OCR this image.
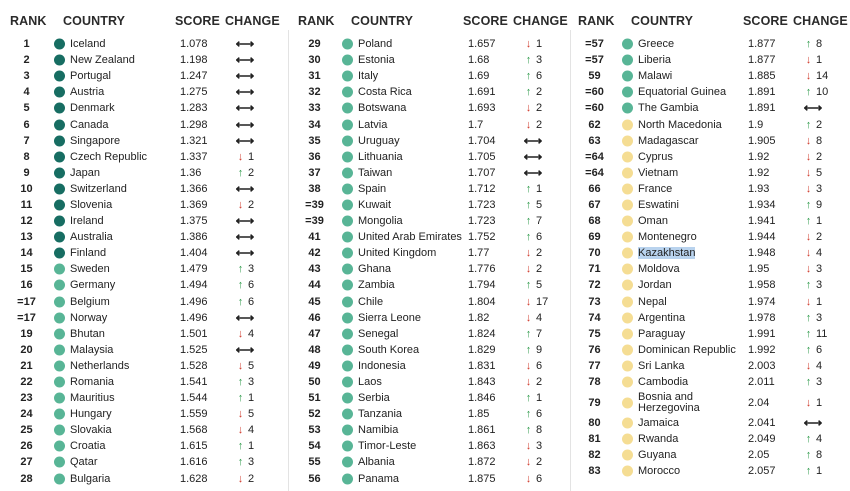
RANK COUNTRY	SCORE CHANGE
1	Iceland	1.078 ⟷
2	New Zealand	1.198 ⟷
3	Portugal	1.247 ⟷
4	Austria	1.275 ⟷
5	Denmark	1.283 ⟷
6	Canada	1.298 ⟷
7	Singapore	1.321 ⟷
8	Czech Republic	1.337	↓ 1
9	Japan	1.36	↑ 2
10	Switzerland	1.366 ⟷
11	Slovenia	1.369	↓ 2
12	Ireland	1.375 ⟷
13	Australia	1.386 ⟷
14	Finland	1.404 ⟷
15	Sweden	1.479	↑ 3
16	Germany	1.494	↑ 6
=17	Belgium	1.496	↑ 6
=17	Norway	1.496 ⟷
19	Bhutan	1.501	↓ 4
20	Malaysia	1.525 ⟷
21	Netherlands	1.528	↓ 5
22	Romania	1.541	↑ 3
23	Mauritius	1.544	↑ 1
24	Hungary	1.559	↓ 5
25	Slovakia	1.568	↓ 4
26	Croatia	1.615	↑ 1
27	Qatar	1.616	↑ 3
28	Bulgaria	1.628	↓ 2
RANK COUNTRY	SCORE CHANGE
29	Poland	1.657	↓ 1
30	Estonia	1.68	↑ 3
31	Italy	1.69	↑ 6
32	Costa Rica	1.691	↑ 2
33	Botswana	1.693	↓ 2
34	Latvia	1.7	↓ 2
35	Uruguay	1.704 ⟷
36	Lithuania	1.705 ⟷
37	Taiwan	1.707 ⟷
38	Spain	1.712	↑ 1
=39	Kuwait	1.723	↑ 5
=39	Mongolia	1.723	↑ 7
41	United Arab Emirates 1.752	↑ 6
42	United Kingdom	1.77	↓ 2
43	Ghana	1.776	↓ 2
44	Zambia	1.794	↑ 5
45	Chile	1.804	↓ 17
46	Sierra Leone	1.82	↓ 4
47	Senegal	1.824	↑ 7
48	South Korea	1.829	↑ 9
49	Indonesia	1.831	↓ 6
50	Laos	1.843	↓ 2
51	Serbia	1.846	↑ 1
52	Tanzania	1.85	↑ 6
53	Namibia	1.861	↑ 8
54	Timor-Leste	1.863	↓ 3
55	Albania	1.872	↓ 2
56	Panama	1.875	↓ 6
RANK COUNTRY	SCORE CHANGE
=57	Greece	1.877	↑ 8
=57	Liberia	1.877	↓ 1
59	Malawi	1.885	↓ 14
=60	Equatorial Guinea 1.891	↑ 10
=60	The Gambia	1.891 ⟷
62	North Macedonia 1.9	↑ 2
63	Madagascar	1.905	↓ 8
=64	Cyprus	1.92	↓ 2
=64	Vietnam	1.92	↓ 5
66	France	1.93	↓ 3
67	Eswatini	1.934	↑ 9
68	Oman	1.941	↑ 1
69	Montenegro	1.944	↓ 2
70	Kazakhstan	1.948	↓ 4
71	Moldova	1.95	↓ 3
72	Jordan	1.958	↑ 3
73	Nepal	1.974	↓ 1
74	Argentina	1.978	↑ 3
75	Paraguay	1.991	↑ 11
76	Dominican Republic 1.992	↑ 6
77	Sri Lanka	2.003	↓ 4
78	Cambodia	2.011	↑ 3
79	Bosnia and Herzegovina	2.04	↓ 1
80	Jamaica	2.041 ⟷
81	Rwanda	2.049	↑ 4
82	Guyana	2.05	↑ 8
83	Morocco	2.057	↑ 1
